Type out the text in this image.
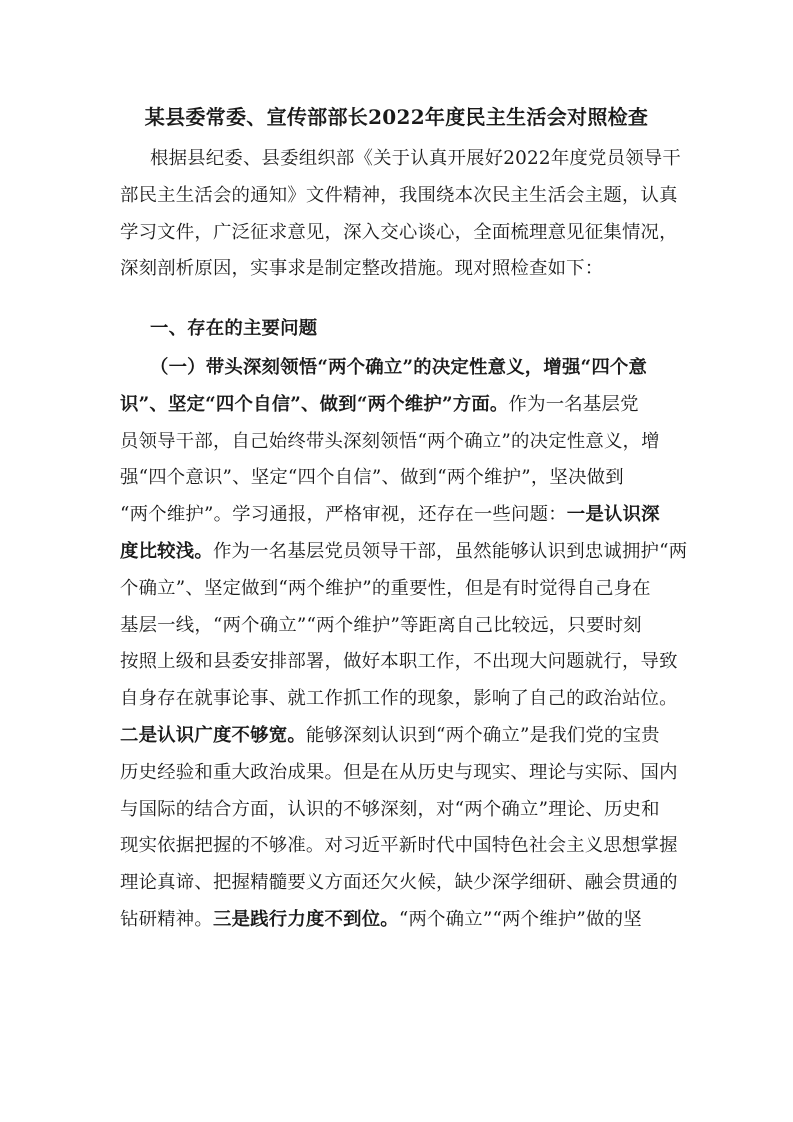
某县委常委、宣传部部长2022年度民主生活会对照检查
根据县纪委、县委组织部《关于认真开展好2022年度党员领导干
部民主生活会的通知》文件精神，我围绕本次民主生活会主题，认真
学习文件，广泛征求意见，深入交心谈心，全面梳理意见征集情况，
深刻剖析原因，实事求是制定整改措施。现对照检查如下：
一、存在的主要问题
（一）带头深刻领悟“两个确立”的决定性意义，增强“四个意
识”、坚定“四个自信”、做到“两个维护”方面。作为一名基层党
员领导干部，自己始终带头深刻领悟“两个确立”的决定性意义，增
强“四个意识”、坚定“四个自信”、做到“两个维护”，坚决做到
“两个维护”。学习通报，严格审视，还存在一些问题：一是认识深
度比较浅。作为一名基层党员领导干部，虽然能够认识到忠诚拥护“两
个确立”、坚定做到“两个维护”的重要性，但是有时觉得自己身在
基层一线，“两个确立”“两个维护”等距离自己比较远，只要时刻
按照上级和县委安排部署，做好本职工作，不出现大问题就行，导致
自身存在就事论事、就工作抓工作的现象，影响了自己的政治站位。
二是认识广度不够宽。能够深刻认识到“两个确立”是我们党的宝贵
历史经验和重大政治成果。但是在从历史与现实、理论与实际、国内
与国际的结合方面，认识的不够深刻，对“两个确立”理论、历史和
现实依据把握的不够准。对习近平新时代中国特色社会主义思想掌握
理论真谛、把握精髓要义方面还欠火候，缺少深学细研、融会贯通的
钻研精神。三是践行力度不到位。“两个确立”“两个维护”做的坚
